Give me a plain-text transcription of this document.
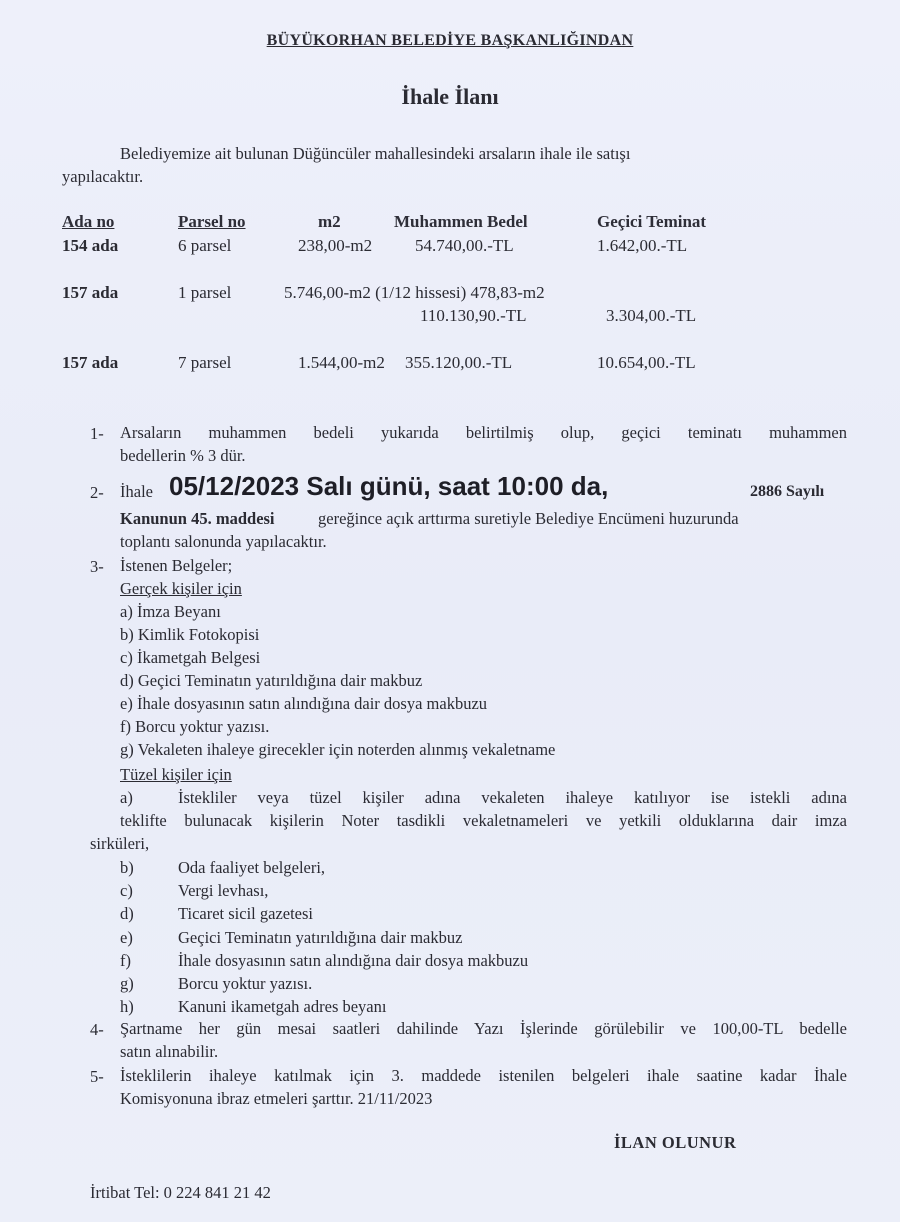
BÜYÜKORHAN BELEDİYE BAŞKANLIĞINDAN
İhale İlanı
Belediyemize ait bulunan Düğüncüler mahallesindeki arsaların ihale ile satışı
yapılacaktır.
Ada no	Parsel no	m2	Muhammen Bedel	Geçici Teminat
154 ada	6 parsel	238,00-m2	54.740,00.-TL	1.642,00.-TL
157 ada	1 parsel	5.746,00-m2 (1/12 hissesi) 478,83-m2
110.130,90.-TL	3.304,00.-TL
157 ada	7 parsel	1.544,00-m2 355.120,00.-TL	10.654,00.-TL
1- Arsaların muhammen bedeli yukarıda belirtilmiş olup, geçici teminatı muhammen
bedellerin % 3 dür.
2- İhale 05/12/2023 Salı günü, saat 10:00 da,	2886 Sayılı
Kanunun 45. maddesi	gereğince açık arttırma suretiyle Belediye Encümeni huzurunda
toplantı salonunda yapılacaktır.
3- İstenen Belgeler;
Gerçek kişiler için
a) İmza Beyanı
b) Kimlik Fotokopisi
c) İkametgah Belgesi
d) Geçici Teminatın yatırıldığına dair makbuz
e) İhale dosyasının satın alındığına dair dosya makbuzu
f) Borcu yoktur yazısı.
g) Vekaleten ihaleye girecekler için noterden alınmış vekaletname
Tüzel kişiler için
a)	İstekliler veya tüzel kişiler adına vekaleten ihaleye katılıyor ise istekli adına
teklifte bulunacak kişilerin Noter tasdikli vekaletnameleri ve yetkili olduklarına dair imza
sirküleri,
b)	Oda faaliyet belgeleri,
c)	Vergi levhası,
d)	Ticaret sicil gazetesi
e)	Geçici Teminatın yatırıldığına dair makbuz
f)	İhale dosyasının satın alındığına dair dosya makbuzu
g)	Borcu yoktur yazısı.
h)	Kanuni ikametgah adres beyanı
4- Şartname her gün mesai saatleri dahilinde Yazı İşlerinde görülebilir ve 100,00-TL bedelle
satın alınabilir.
5- İsteklilerin ihaleye katılmak için 3. maddede istenilen belgeleri ihale saatine kadar İhale
Komisyonuna ibraz etmeleri şarttır. 21/11/2023
İLAN OLUNUR
İrtibat Tel: 0 224 841 21 42
